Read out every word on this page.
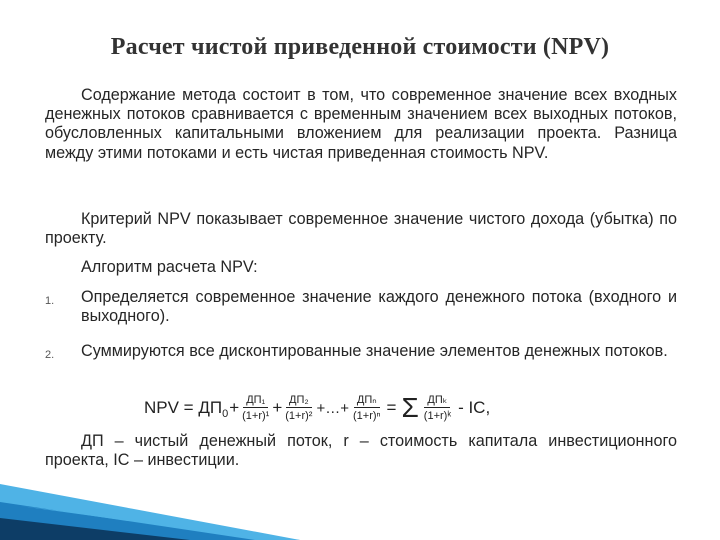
Расчет чистой приведенной стоимости (NPV)

Содержание метода состоит в том, что современное значение всех входных денежных потоков сравнивается с временным значением всех выходных потоков, обусловленных капитальными вложением для реализации проекта. Разница между этими потоками и есть чистая приведенная стоимость NPV.

Критерий NPV показывает современное значение чистого дохода (убытка) по проекту.

Алгоритм расчета NPV:

1.	Определяется современное значение каждого денежного потока (входного и выходного).
2.	Суммируются все дисконтированные значение элементов денежных потоков.
NPV = ДП $0 + \frac{\text{ДП₁}}{\text{(1+r)¹}} + \frac{\text{ДП₂}}{\text{(1+r)²}}$ +…+ $\frac{\text{ДПₙ}}{\text{(1+r)ⁿ}} = \Sigma \frac{\text{ДПₖ}}{\text{(1+r)ᵏ}}$ - IC,

ДП – чистый денежный поток, r – стоимость капитала инвестиционного проекта, IC – инвестиции.
